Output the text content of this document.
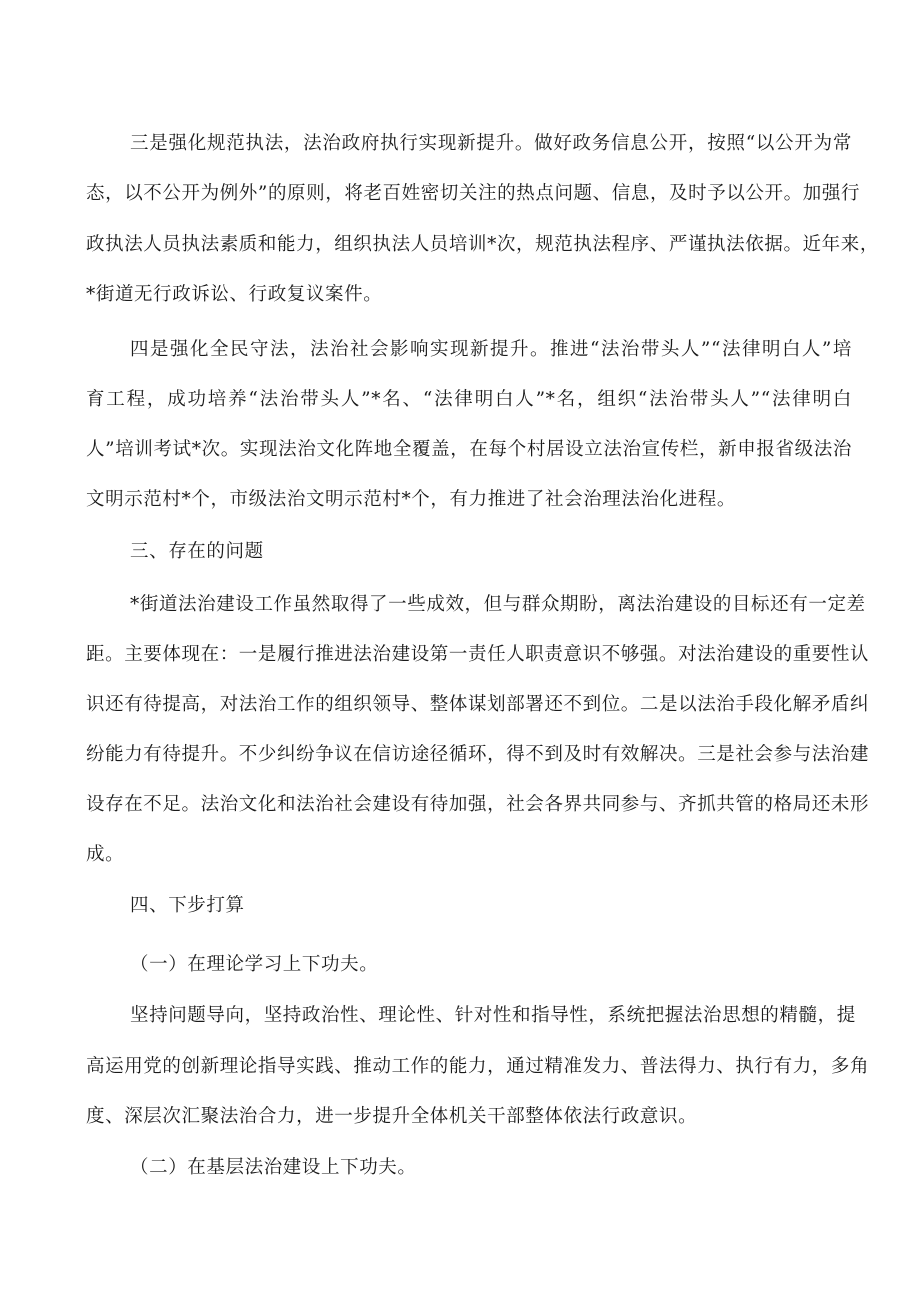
三是强化规范执法，法治政府执行实现新提升。做好政务信息公开，按照“以公开为常
态，以不公开为例外”的原则，将老百姓密切关注的热点问题、信息，及时予以公开。加强行
政执法人员执法素质和能力，组织执法人员培训*次，规范执法程序、严谨执法依据。近年来，
*街道无行政诉讼、行政复议案件。
四是强化全民守法，法治社会影响实现新提升。推进“法治带头人”“法律明白人”培
育工程，成功培养“法治带头人”*名、“法律明白人”*名，组织“法治带头人”“法律明白
人”培训考试*次。实现法治文化阵地全覆盖，在每个村居设立法治宣传栏，新申报省级法治
文明示范村*个，市级法治文明示范村*个，有力推进了社会治理法治化进程。
三、存在的问题
*街道法治建设工作虽然取得了一些成效，但与群众期盼，离法治建设的目标还有一定差
距。主要体现在：一是履行推进法治建设第一责任人职责意识不够强。对法治建设的重要性认
识还有待提高，对法治工作的组织领导、整体谋划部署还不到位。二是以法治手段化解矛盾纠
纷能力有待提升。不少纠纷争议在信访途径循环，得不到及时有效解决。三是社会参与法治建
设存在不足。法治文化和法治社会建设有待加强，社会各界共同参与、齐抓共管的格局还未形
成。
四、下步打算
（一）在理论学习上下功夫。
坚持问题导向，坚持政治性、理论性、针对性和指导性，系统把握法治思想的精髓，提
高运用党的创新理论指导实践、推动工作的能力，通过精准发力、普法得力、执行有力，多角
度、深层次汇聚法治合力，进一步提升全体机关干部整体依法行政意识。
（二）在基层法治建设上下功夫。
